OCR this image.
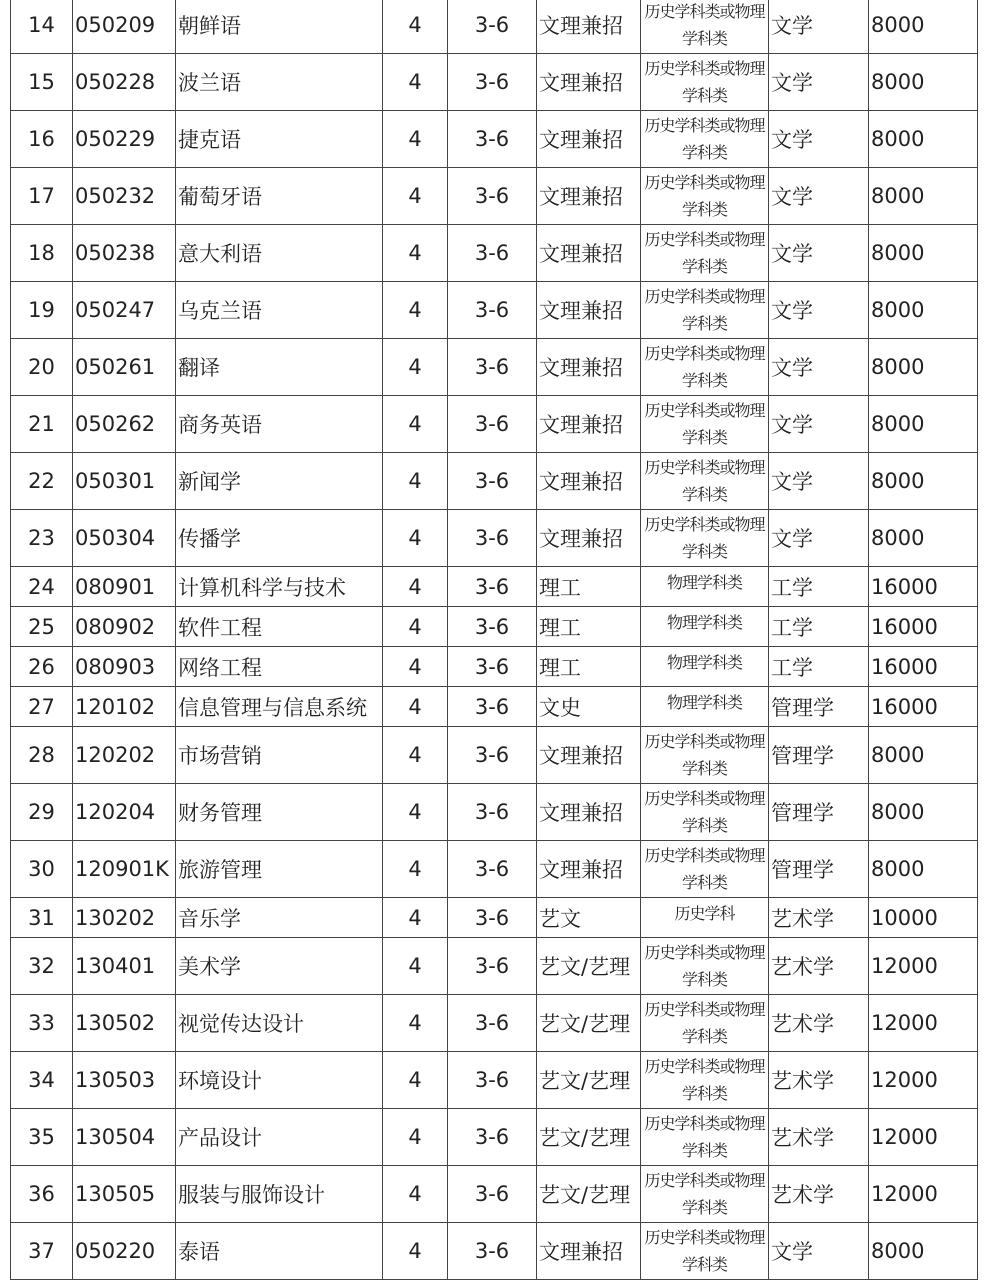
14	050209	朝鲜语	4	3-6	文理兼招	历史学科类或物理学科类	文学	8000
15	050228	波兰语	4	3-6	文理兼招	历史学科类或物理学科类	文学	8000
16	050229	捷克语	4	3-6	文理兼招	历史学科类或物理学科类	文学	8000
17	050232	葡萄牙语	4	3-6	文理兼招	历史学科类或物理学科类	文学	8000
18	050238	意大利语	4	3-6	文理兼招	历史学科类或物理学科类	文学	8000
19	050247	乌克兰语	4	3-6	文理兼招	历史学科类或物理学科类	文学	8000
20	050261	翻译	4	3-6	文理兼招	历史学科类或物理学科类	文学	8000
21	050262	商务英语	4	3-6	文理兼招	历史学科类或物理学科类	文学	8000
22	050301	新闻学	4	3-6	文理兼招	历史学科类或物理学科类	文学	8000
23	050304	传播学	4	3-6	文理兼招	历史学科类或物理学科类	文学	8000
24	080901	计算机科学与技术	4	3-6	理工	物理学科类	工学	16000
25	080902	软件工程	4	3-6	理工	物理学科类	工学	16000
26	080903	网络工程	4	3-6	理工	物理学科类	工学	16000
27	120102	信息管理与信息系统	4	3-6	文史	物理学科类	管理学	16000
28	120202	市场营销	4	3-6	文理兼招	历史学科类或物理学科类	管理学	8000
29	120204	财务管理	4	3-6	文理兼招	历史学科类或物理学科类	管理学	8000
30	120901K	旅游管理	4	3-6	文理兼招	历史学科类或物理学科类	管理学	8000
31	130202	音乐学	4	3-6	艺文	历史学科	艺术学	10000
32	130401	美术学	4	3-6	艺文/艺理	历史学科类或物理学科类	艺术学	12000
33	130502	视觉传达设计	4	3-6	艺文/艺理	历史学科类或物理学科类	艺术学	12000
34	130503	环境设计	4	3-6	艺文/艺理	历史学科类或物理学科类	艺术学	12000
35	130504	产品设计	4	3-6	艺文/艺理	历史学科类或物理学科类	艺术学	12000
36	130505	服装与服饰设计	4	3-6	艺文/艺理	历史学科类或物理学科类	艺术学	12000
37	050220	泰语	4	3-6	文理兼招	历史学科类或物理学科类	文学	8000
